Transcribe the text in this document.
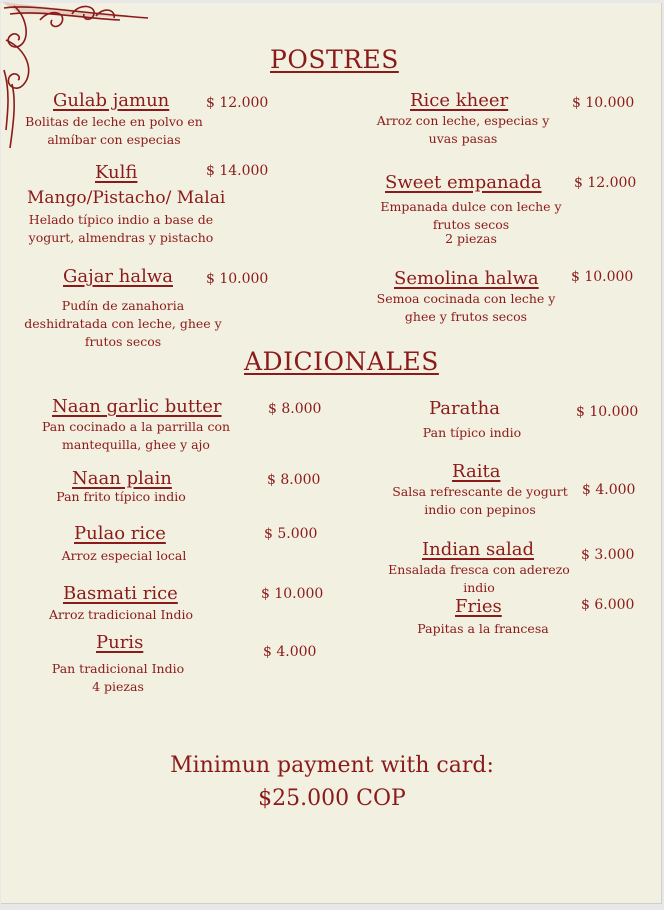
POSTRES
Gulab jamun	$ 12.000
Bolitas de leche en polvo en almíbar con especias
Kulfi	$ 14.000
Mango/Pistacho/ Malai
Helado típico indio a base de yogurt, almendras y pistacho
Gajar halwa $ 10.000
Pudín de zanahoria deshidratada con leche, ghee y frutos secos
Rice kheer	$ 10.000
Arroz con leche, especias y uvas pasas
Sweet empanada $ 12.000
Empanada dulce con leche y frutos secos
2 piezas
Semolina halwa $ 10.000
Semoa cocinada con leche y ghee y frutos secos
ADICIONALES
Naan garlic butter	$ 8.000
Pan cocinado a la parrilla con mantequilla, ghee y ajo
Naan plain	$ 8.000
Pan frito típico indio
Pulao rice	$ 5.000
Arroz especial local
Basmati rice	$ 10.000
Arroz tradicional Indio
Puris	$ 4.000
Pan tradicional Indio
4 piezas
Paratha	$ 10.000
Pan típico indio
Raita
$ 4.000
Salsa refrescante de yogurt indio con pepinos
Indian salad	$ 3.000
Ensalada fresca con aderezo indio
Fries	$ 6.000
Papitas a la francesa
Minimun payment with card:
$25.000 COP
